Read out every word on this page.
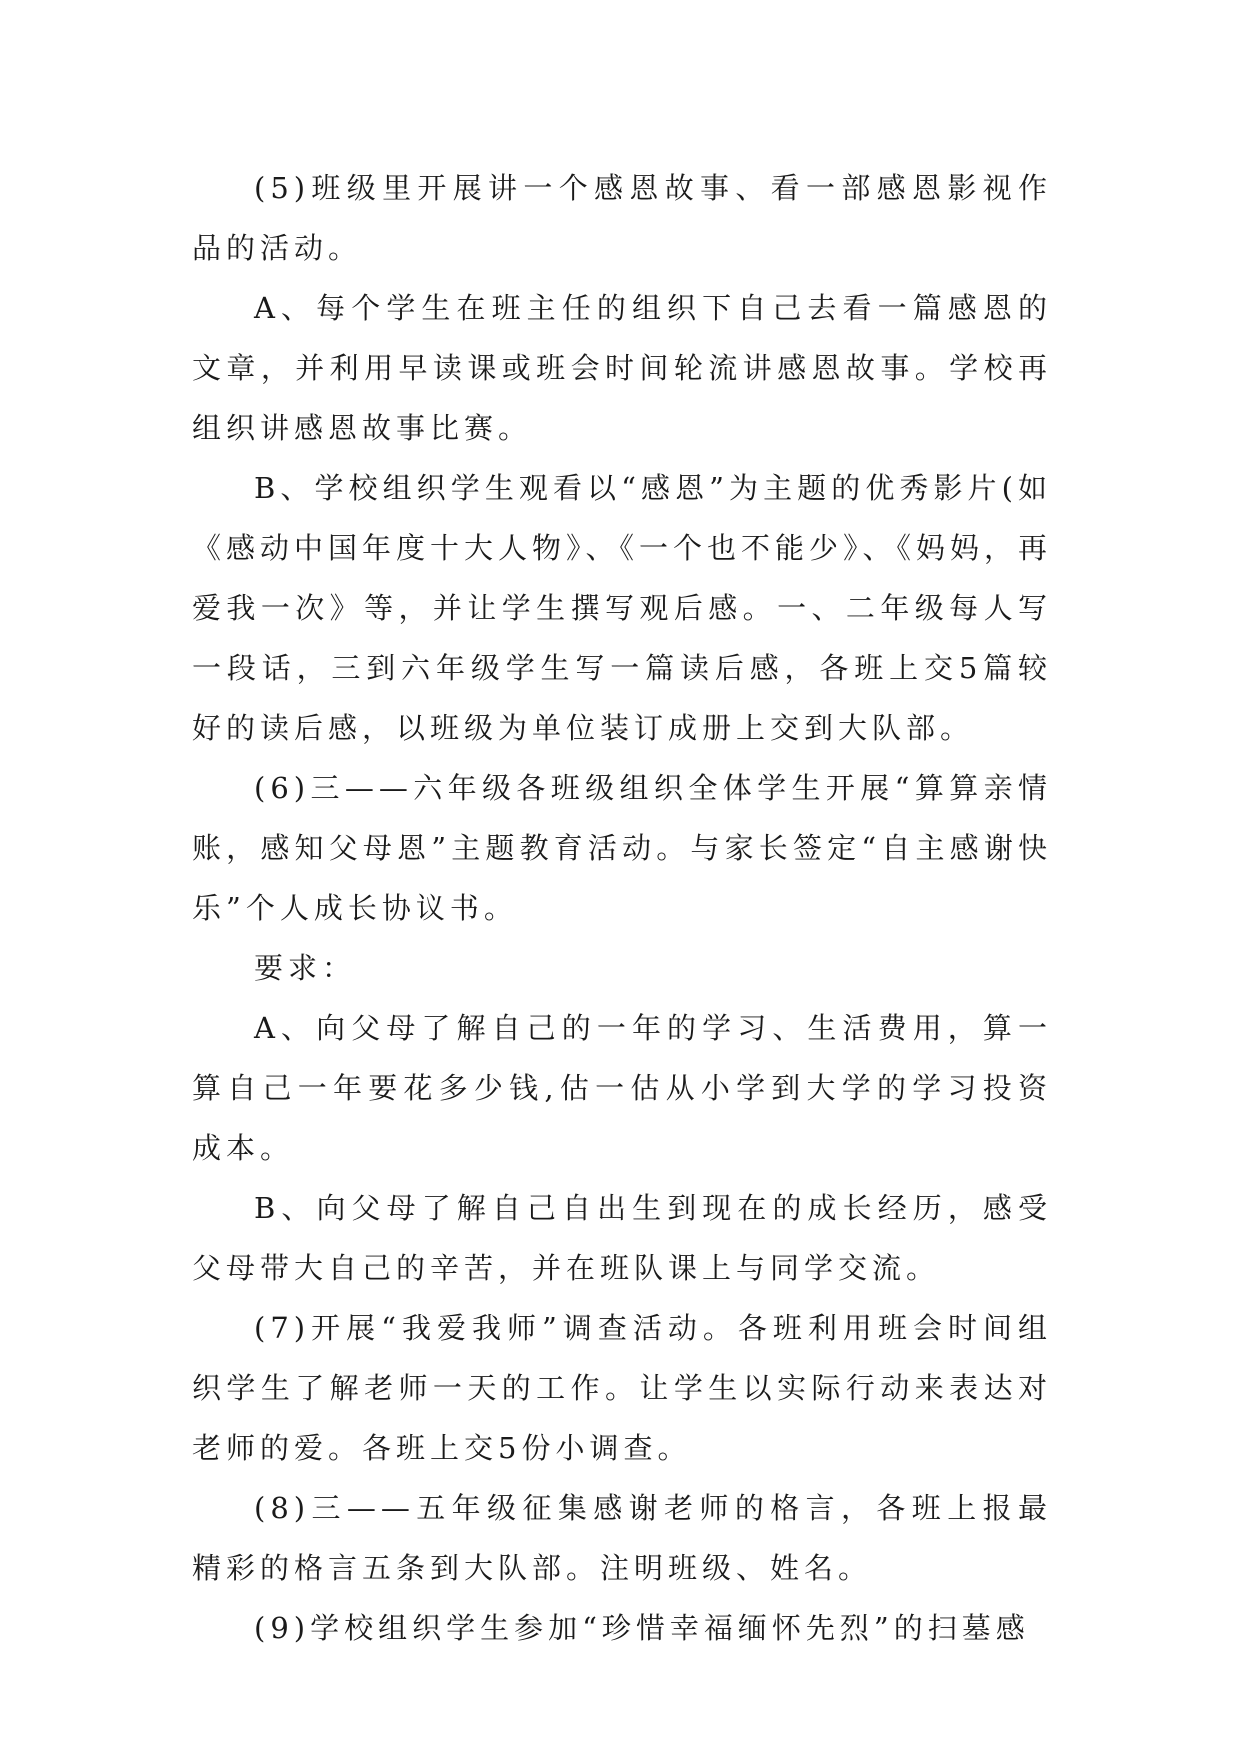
(5)班级里开展讲一个感恩故事、看一部感恩影视作品的活动。

A、每个学生在班主任的组织下自己去看一篇感恩的文章，并利用早读课或班会时间轮流讲感恩故事。学校再组织讲感恩故事比赛。

B、学校组织学生观看以“感恩”为主题的优秀影片(如《感动中国年度十大人物》、《一个也不能少》、《妈妈，再爱我一次》等，并让学生撰写观后感。一、二年级每人写一段话，三到六年级学生写一篇读后感，各班上交5篇较好的读后感，以班级为单位装订成册上交到大队部。

(6)三——六年级各班级组织全体学生开展“算算亲情账，感知父母恩”主题教育活动。与家长签定“自主感谢快乐”个人成长协议书。

要求：

A、向父母了解自己的一年的学习、生活费用，算一算自己一年要花多少钱,估一估从小学到大学的学习投资成本。

B、向父母了解自己自出生到现在的成长经历，感受父母带大自己的辛苦，并在班队课上与同学交流。

(7)开展“我爱我师”调查活动。各班利用班会时间组织学生了解老师一天的工作。让学生以实际行动来表达对老师的爱。各班上交5份小调查。

(8)三——五年级征集感谢老师的格言，各班上报最精彩的格言五条到大队部。注明班级、姓名。

(9)学校组织学生参加“珍惜幸福缅怀先烈”的扫墓感
